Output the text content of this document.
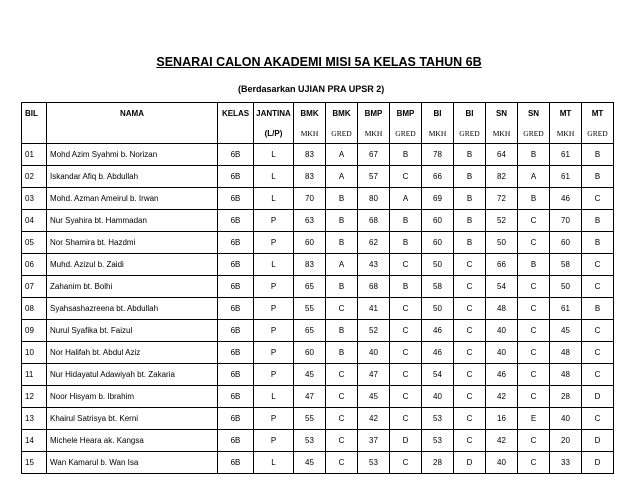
SENARAI CALON AKADEMI MISI 5A KELAS TAHUN 6B
(Berdasarkan UJIAN PRA UPSR 2)
BIL	NAMA	KELAS	JANTINA	BMK	BMK	BMP	BMP	BI	BI	SN	SN	MT	MT
			(L/P)	MKH	GRED	MKH	GRED	MKH	GRED	MKH	GRED	MKH	GRED
01	Mohd Azim Syahmi b. Norizan	6B	L	83	A	67	B	78	B	64	B	61	B
02	Iskandar Afiq b. Abdullah	6B	L	83	A	57	C	66	B	82	A	61	B
03	Mohd. Azman Ameirul b. Irwan	6B	L	70	B	80	A	69	B	72	B	46	C
04	Nur Syahira bt. Hammadan	6B	P	63	B	68	B	60	B	52	C	70	B
05	Nor Shamira bt. Hazdmi	6B	P	60	B	62	B	60	B	50	C	60	B
06	Muhd. Azizul b. Zaidi	6B	L	83	A	43	C	50	C	66	B	58	C
07	Zahanim bt. Bolhi	6B	P	65	B	68	B	58	C	54	C	50	C
08	Syahsashazreena bt. Abdullah	6B	P	55	C	41	C	50	C	48	C	61	B
09	Nurul Syafika bt. Faizul	6B	P	65	B	52	C	46	C	40	C	45	C
10	Nor Halifah bt. Abdul Aziz	6B	P	60	B	40	C	46	C	40	C	48	C
11	Nur Hidayatul Adawiyah bt. Zakaria	6B	P	45	C	47	C	54	C	46	C	48	C
12	Noor Hisyam b. Ibrahim	6B	L	47	C	45	C	40	C	42	C	28	D
13	Khairul Satrisya bt. Kerni	6B	P	55	C	42	C	53	C	16	E	40	C
14	Michele Heara ak. Kangsa	6B	P	53	C	37	D	53	C	42	C	20	D
15	Wan Kamarul b. Wan Isa	6B	L	45	C	53	C	28	D	40	C	33	D
